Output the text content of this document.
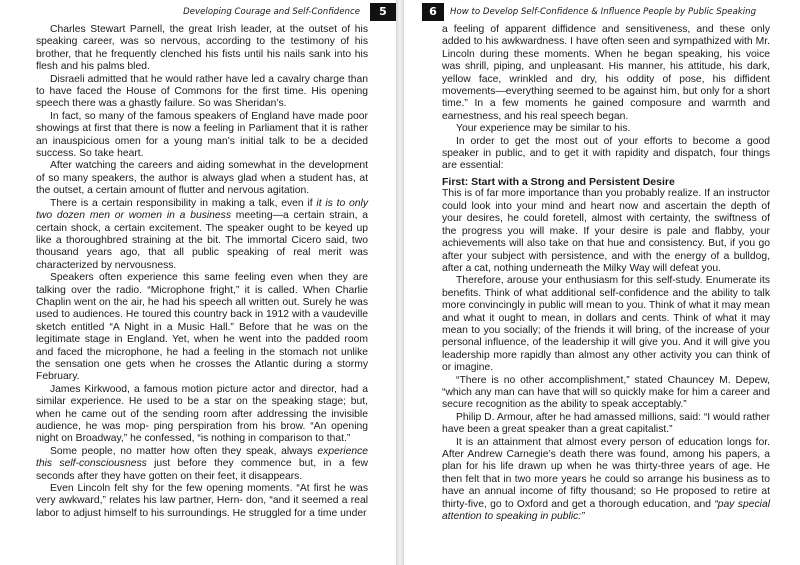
Developing Courage and Self-Confidence	5

Charles Stewart Parnell, the great Irish leader, at the outset of his speaking career, was so nervous, according to the testimony of his brother, that he frequently clenched his fists until his nails sank into his flesh and his palms bled.

Disraeli admitted that he would rather have led a cavalry charge than to have faced the House of Commons for the first time. His opening speech there was a ghastly failure. So was Sheridan’s.

In fact, so many of the famous speakers of England have made poor showings at first that there is now a feeling in Parliament that it is rather an inauspicious omen for a young man’s initial talk to be a decided success. So take heart.

After watching the careers and aiding somewhat in the development of so many speakers, the author is always glad when a student has, at the outset, a certain amount of flutter and nervous agitation.

There is a certain responsibility in making a talk, even if it is to only two dozen men or women in a business meeting—a certain strain, a certain shock, a certain excitement. The speaker ought to be keyed up like a thoroughbred straining at the bit. The immortal Cicero said, two thousand years ago, that all public speaking of real merit was characterized by nervousness.

Speakers often experience this same feeling even when they are talking over the radio. “Microphone fright,” it is called. When Charlie Chaplin went on the air, he had his speech all written out. Surely he was used to audiences. He toured this country back in 1912 with a vaudeville sketch entitled “A Night in a Music Hall.” Before that he was on the legitimate stage in England. Yet, when he went into the padded room and faced the microphone, he had a feeling in the stomach not unlike the sensation one gets when he crosses the Atlantic during a stormy February.

James Kirkwood, a famous motion picture actor and director, had a similar experience. He used to be a star on the speaking stage; but, when he came out of the sending room after addressing the invisible audience, he was mop- ping perspiration from his brow. “An opening night on Broadway,” he confessed, “is nothing in comparison to that.”

Some people, no matter how often they speak, always experience this self-consciousness just before they commence but, in a few seconds after they have gotten on their feet, it disappears.

Even Lincoln felt shy for the few opening moments. “At first he was very awkward,” relates his law partner, Hern- don, “and it seemed a real labor to adjust himself to his surroundings. He struggled for a time under

6	How to Develop Self-Confidence & Influence People by Public Speaking

a feeling of apparent diffidence and sensitiveness, and these only added to his awkwardness. I have often seen and sympathized with Mr. Lincoln during these moments. When he began speaking, his voice was shrill, piping, and unpleasant. His manner, his attitude, his dark, yellow face, wrinkled and dry, his oddity of pose, his diffident movements—everything seemed to be against him, but only for a short time.” In a few moments he gained composure and warmth and earnestness, and his real speech began.

Your experience may be similar to his.

In order to get the most out of your efforts to become a good speaker in public, and to get it with rapidity and dispatch, four things are essential:

First: Start with a Strong and Persistent Desire

This is of far more importance than you probably realize. If an instructor could look into your mind and heart now and ascertain the depth of your desires, he could foretell, almost with certainty, the swiftness of the progress you will make. If your desire is pale and flabby, your achievements will also take on that hue and consistency. But, if you go after your subject with persistence, and with the energy of a bulldog, after a cat, nothing underneath the Milky Way will defeat you.

Therefore, arouse your enthusiasm for this self-study. Enumerate its benefits. Think of what additional self-confidence and the ability to talk more convincingly in public will mean to you. Think of what it may mean and what it ought to mean, in dollars and cents. Think of what it may mean to you socially; of the friends it will bring, of the increase of your personal influence, of the leadership it will give you. And it will give you leadership more rapidly than almost any other activity you can think of or imagine.

“There is no other accomplishment,” stated Chauncey M. Depew, “which any man can have that will so quickly make for him a career and secure recognition as the ability to speak acceptably.”

Philip D. Armour, after he had amassed millions, said: “I would rather have been a great speaker than a great capitalist.”

It is an attainment that almost every person of education longs for. After Andrew Carnegie’s death there was found, among his papers, a plan for his life drawn up when he was thirty-three years of age. He then felt that in two more years he could so arrange his business as to have an annual income of fifty thousand; so He proposed to retire at thirty-five, go to Oxford and get a thorough education, and “pay special attention to speaking in public:”
